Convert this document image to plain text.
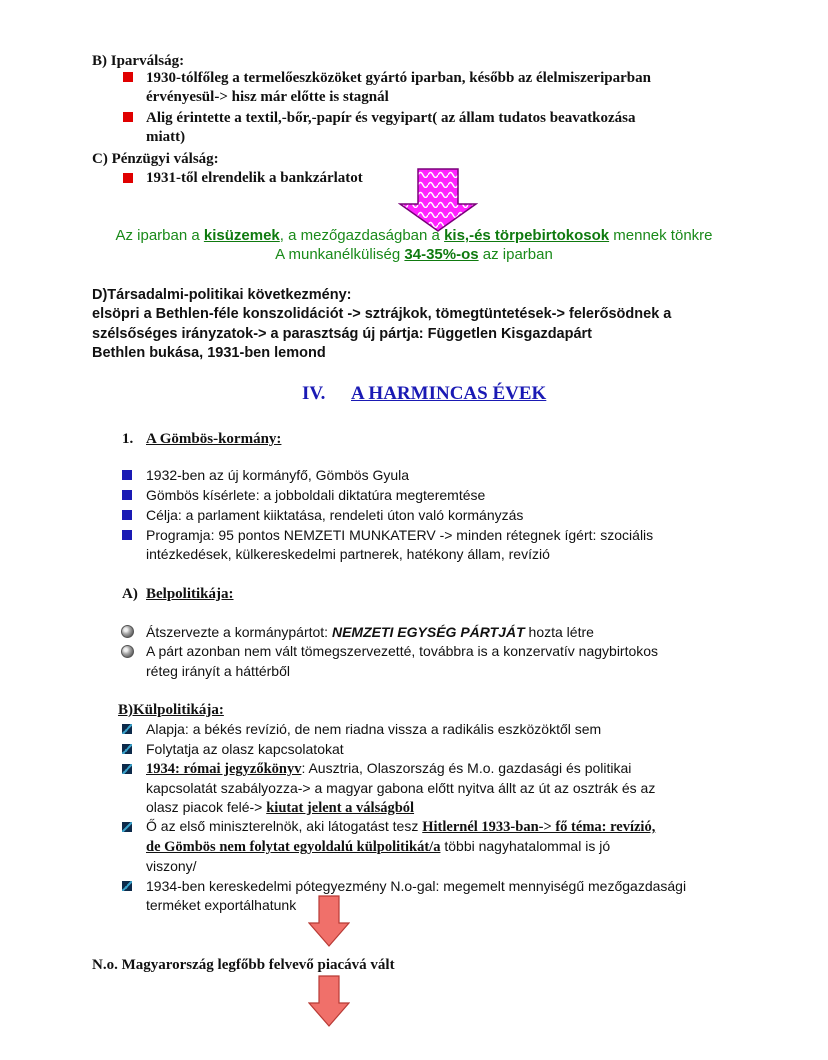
B) Iparválság:
1930-tólfőleg a termelőeszközöket gyártó iparban, később az élelmiszeriparban
érvényesül-> hisz már előtte is stagnál
Alig érintette a textil,-bőr,-papír és vegyipart( az állam tudatos beavatkozása
miatt)
C) Pénzügyi válság:
1931-től elrendelik a bankzárlatot
Az iparban a kisüzemek, a mezőgazdaságban a kis,-és törpebirtokosok mennek tönkre
A munkanélküliség 34-35%-os az iparban
D)Társadalmi-politikai következmény:
elsöpri a Bethlen-féle konszolidációt -> sztrájkok, tömegtüntetések-> felerősödnek a
szélsőséges irányzatok-> a parasztság új pártja: Független Kisgazdapárt
Bethlen bukása, 1931-ben lemond
IV. A HARMINCAS ÉVEK
1. A Gömbös-kormány:
1932-ben az új kormányfő, Gömbös Gyula
Gömbös kísérlete: a jobboldali diktatúra megteremtése
Célja: a parlament kiiktatása, rendeleti úton való kormányzás
Programja: 95 pontos NEMZETI MUNKATERV -> minden rétegnek ígért: szociális
intézkedések, külkereskedelmi partnerek, hatékony állam, revízió
A) Belpolitikája:
Átszervezte a kormánypártot: NEMZETI EGYSÉG PÁRTJÁT hozta létre
A párt azonban nem vált tömegszervezetté, továbbra is a konzervatív nagybirtokos
réteg irányít a háttérből
B)Külpolitikája:
Alapja: a békés revízió, de nem riadna vissza a radikális eszközöktől sem
Folytatja az olasz kapcsolatokat
1934: római jegyzőkönyv: Ausztria, Olaszország és M.o. gazdasági és politikai
kapcsolatát szabályozza-> a magyar gabona előtt nyitva állt az út az osztrák és az
olasz piacok felé-> kiutat jelent a válságból
Ő az első miniszterelnök, aki látogatást tesz Hitlernél 1933-ban-> fő téma: revízió,
de Gömbös nem folytat egyoldalú külpolitikát/a többi nagyhatalommal is jó
viszony/
1934-ben kereskedelmi pótegyezmény N.o-gal: megemelt mennyiségű mezőgazdasági
terméket exportálhatunk
N.o. Magyarország legfőbb felvevő piacává vált
